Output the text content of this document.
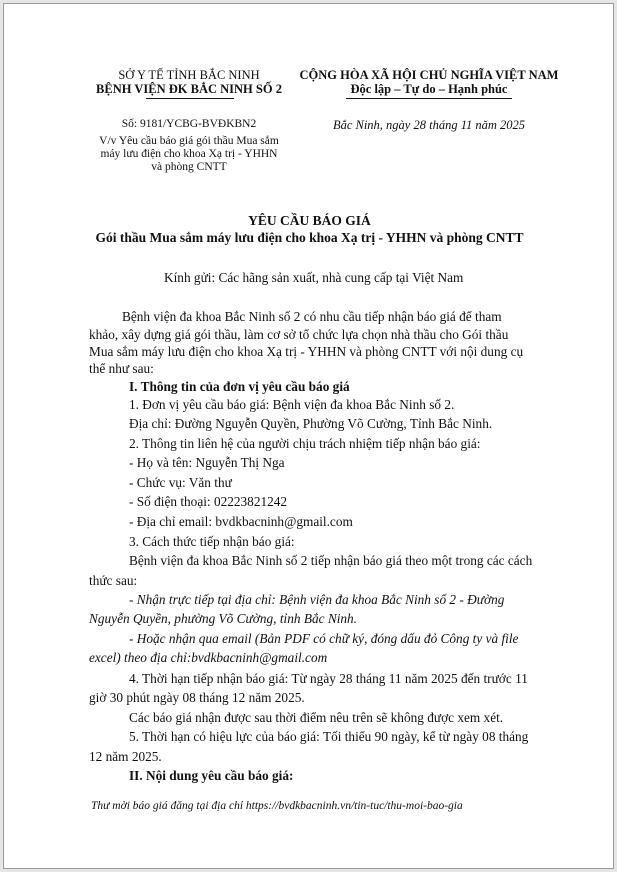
SỞ Y TẾ TỈNH BẮC NINH
BỆNH VIỆN ĐK BẮC NINH SỐ 2
Số: 9181/YCBG-BVĐKBN2
V/v Yêu cầu báo giá gói thầu Mua sắm
máy lưu điện cho khoa Xạ trị - YHHN
và phòng CNTT
CỘNG HÒA XÃ HỘI CHỦ NGHĨA VIỆT NAM
Độc lập – Tự do – Hạnh phúc
Bắc Ninh, ngày 28 tháng 11 năm 2025
YÊU CẦU BÁO GIÁ
Gói thầu Mua sắm máy lưu điện cho khoa Xạ trị - YHHN và phòng CNTT
Kính gửi: Các hãng sản xuất, nhà cung cấp tại Việt Nam
Bệnh viện đa khoa Bắc Ninh số 2 có nhu cầu tiếp nhận báo giá để tham
khảo, xây dựng giá gói thầu, làm cơ sở tổ chức lựa chọn nhà thầu cho Gói thầu
Mua sắm máy lưu điện cho khoa Xạ trị - YHHN và phòng CNTT với nội dung cụ
thể như sau:
I. Thông tin của đơn vị yêu cầu báo giá
1. Đơn vị yêu cầu báo giá: Bệnh viện đa khoa Bắc Ninh số 2.
Địa chỉ: Đường Nguyễn Quyền, Phường Võ Cường, Tỉnh Bắc Ninh.
2. Thông tin liên hệ của người chịu trách nhiệm tiếp nhận báo giá:
- Họ và tên: Nguyễn Thị Nga
- Chức vụ: Văn thư
- Số điện thoại: 02223821242
- Địa chỉ email: bvdkbacninh@gmail.com
3. Cách thức tiếp nhận báo giá:
Bệnh viện đa khoa Bắc Ninh số 2 tiếp nhận báo giá theo một trong các cách
thức sau:
- Nhận trực tiếp tại địa chỉ: Bệnh viện đa khoa Bắc Ninh số 2 - Đường
Nguyễn Quyền, phường Võ Cường, tỉnh Bắc Ninh.
- Hoặc nhận qua email (Bản PDF có chữ ký, đóng dấu đỏ Công ty và file
excel) theo địa chỉ:bvdkbacninh@gmail.com
4. Thời hạn tiếp nhận báo giá: Từ ngày 28 tháng 11 năm 2025 đến trước 11
giờ 30 phút ngày 08 tháng 12 năm 2025.
Các báo giá nhận được sau thời điểm nêu trên sẽ không được xem xét.
5. Thời hạn có hiệu lực của báo giá: Tối thiểu 90 ngày, kể từ ngày 08 tháng
12 năm 2025.
II. Nội dung yêu cầu báo giá:
Thư mời báo giá đăng tại địa chỉ https://bvdkbacninh.vn/tin-tuc/thu-moi-bao-gia
